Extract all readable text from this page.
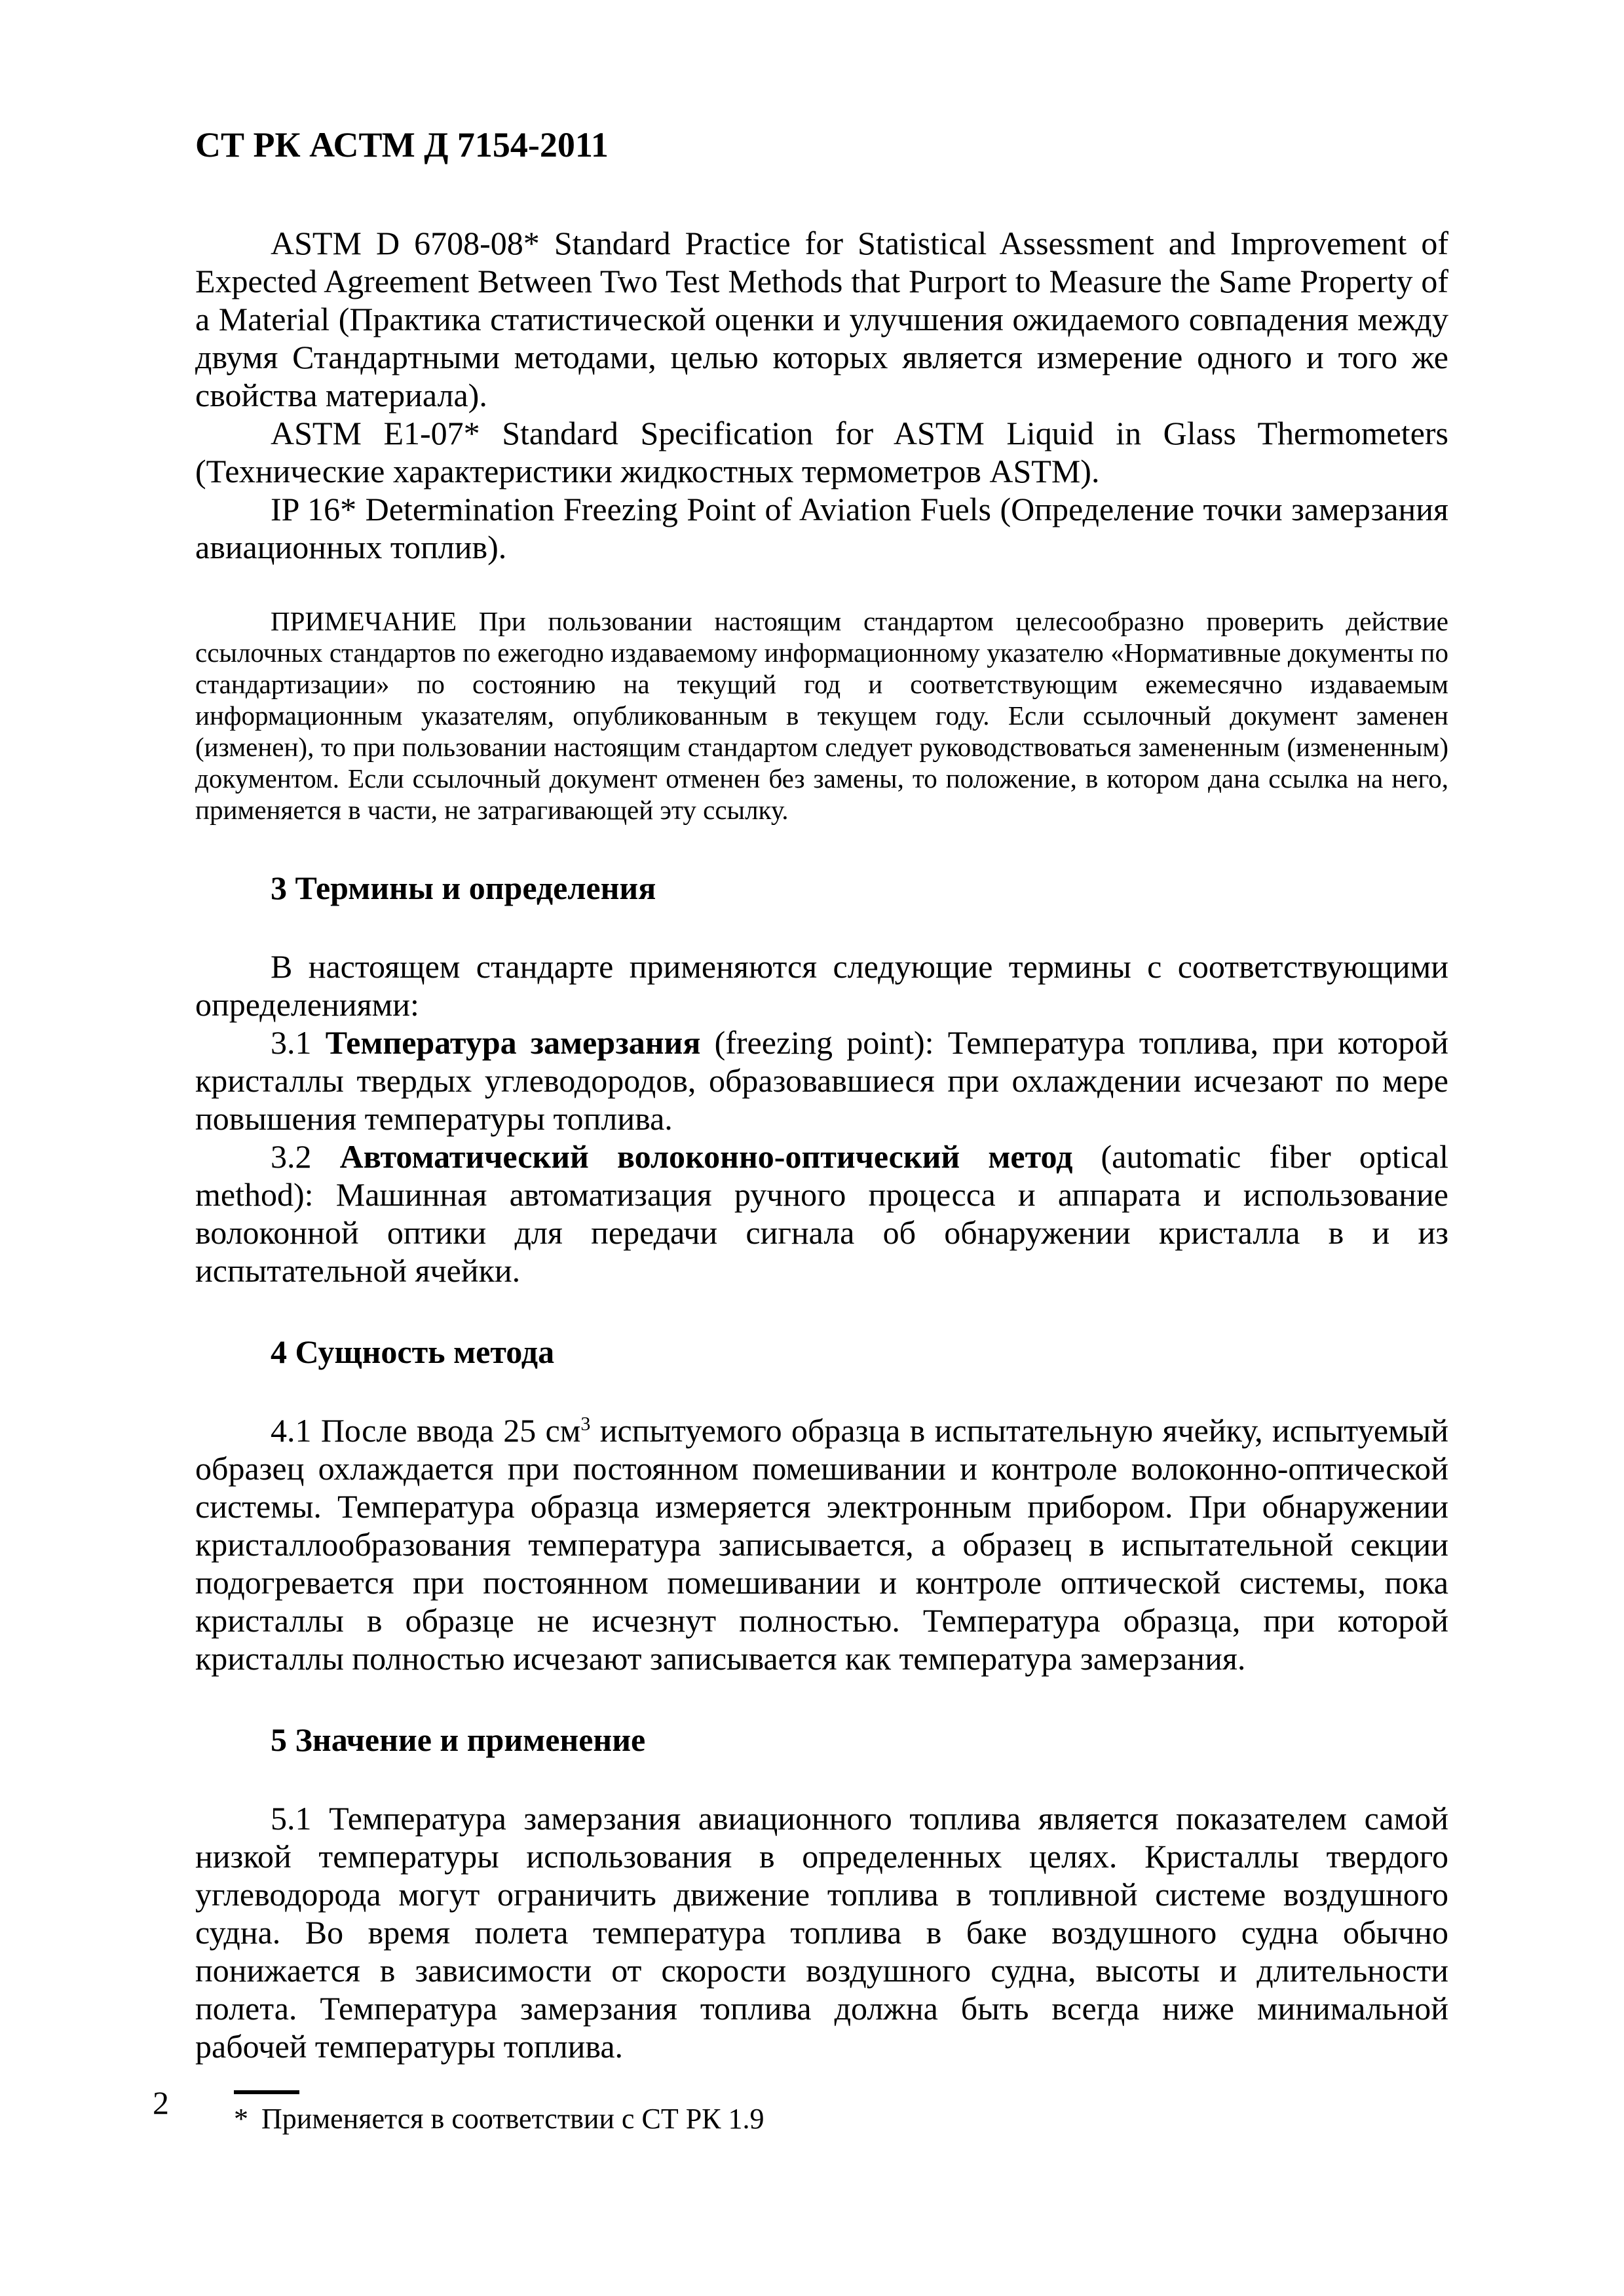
СТ РК АСТМ Д 7154-2011

ASTM D 6708-08* Standard Practice for Statistical Assessment and Improvement of Expected Agreement Between Two Test Methods that Purport to Measure the Same Property of a Material (Практика статистической оценки и улучшения ожидаемого совпадения между двумя Стандартными методами, целью которых является измерение одного и того же свойства материала).

ASTM E1-07* Standard Specification for ASTM Liquid in Glass Thermometers (Технические характеристики жидкостных термометров ASTM).

IP 16* Determination Freezing Point of Aviation Fuels (Определение точки замерзания авиационных топлив).

ПРИМЕЧАНИЕ При пользовании настоящим стандартом целесообразно проверить действие ссылочных стандартов по ежегодно издаваемому информационному указателю «Нормативные документы по стандартизации» по состоянию на текущий год и соответствующим ежемесячно издаваемым информационным указателям, опубликованным в текущем году. Если ссылочный документ заменен (изменен), то при пользовании настоящим стандартом следует руководствоваться замененным (измененным) документом. Если ссылочный документ отменен без замены, то положение, в котором дана ссылка на него, применяется в части, не затрагивающей эту ссылку.

3 Термины и определения

В настоящем стандарте применяются следующие термины с соответствующими определениями:

3.1 Температура замерзания (freezing point): Температура топлива, при которой кристаллы твердых углеводородов, образовавшиеся при охлаждении исчезают по мере повышения температуры топлива.

3.2 Автоматический волоконно-оптический метод (automatic fiber optical method): Машинная автоматизация ручного процесса и аппарата и использование волоконной оптики для передачи сигнала об обнаружении кристалла в и из испытательной ячейки.

4 Сущность метода

4.1 После ввода 25 $см^3$ испытуемого образца в испытательную ячейку, испытуемый образец охлаждается при постоянном помешивании и контроле волоконно-оптической системы. Температура образца измеряется электронным прибором. При обнаружении кристаллообразования температура записывается, а образец в испытательной секции подогревается при постоянном помешивании и контроле оптической системы, пока кристаллы в образце не исчезнут полностью. Температура образца, при которой кристаллы полностью исчезают записывается как температура замерзания.

5 Значение и применение

5.1 Температура замерзания авиационного топлива является показателем самой низкой температуры использования в определенных целях. Кристаллы твердого углеводорода могут ограничить движение топлива в топливной системе воздушного судна. Во время полета температура топлива в баке воздушного судна обычно понижается в зависимости от скорости воздушного судна, высоты и длительности полета. Температура замерзания топлива должна быть всегда ниже минимальной рабочей температуры топлива.

* Применяется в соответствии с СТ РК 1.9

2
